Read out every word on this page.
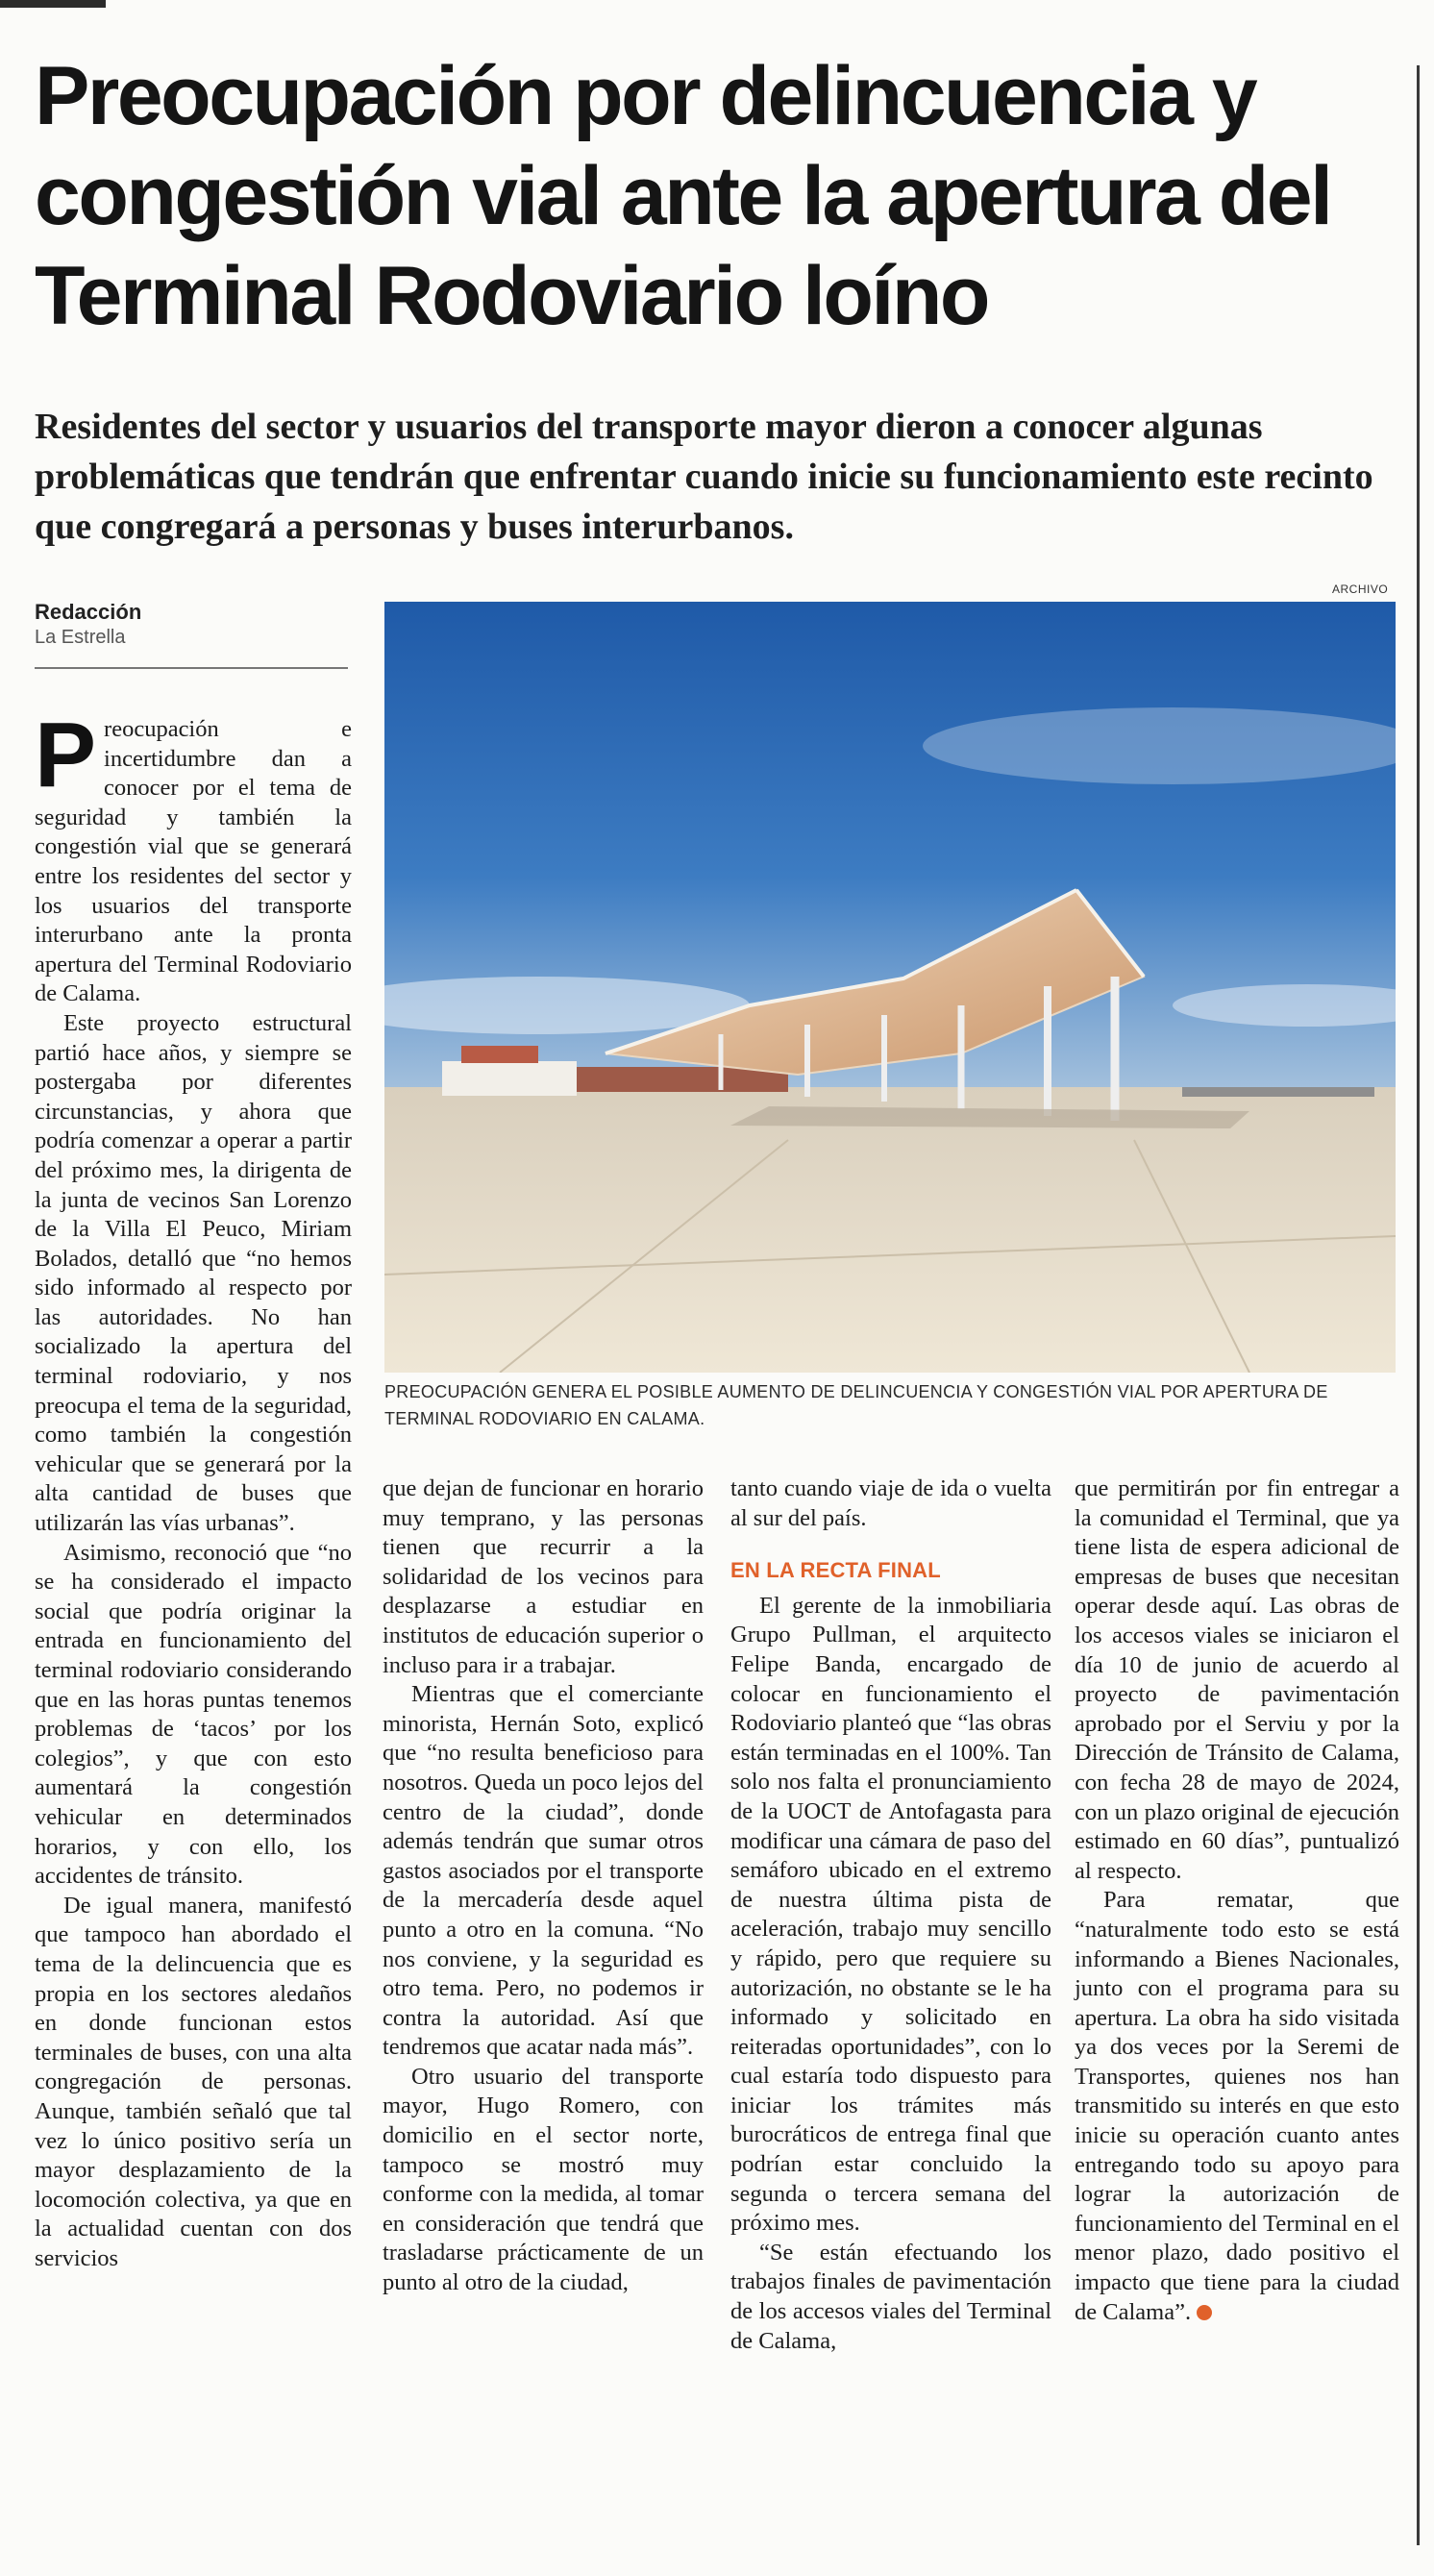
Preocupación por delincuencia y congestión vial ante la apertura del Terminal Rodoviario loíno

Residentes del sector y usuarios del transporte mayor dieron a conocer algunas problemáticas que tendrán que enfrentar cuando inicie su funcionamiento este recinto que congregará a personas y buses interurbanos.

Redacción
La Estrella
ARCHIVO

PREOCUPACIÓN GENERA EL POSIBLE AUMENTO DE DELINCUENCIA Y CONGESTIÓN VIAL POR APERTURA DE TERMINAL RODOVIARIO EN CALAMA.

Preocupación e incertidumbre dan a conocer por el tema de seguridad y también la congestión vial que se generará entre los residentes del sector y los usuarios del transporte interurbano ante la pronta apertura del Terminal Rodoviario de Calama.

Este proyecto estructural partió hace años, y siempre se postergaba por diferentes circunstancias, y ahora que podría comenzar a operar a partir del próximo mes, la dirigenta de la junta de vecinos San Lorenzo de la Villa El Peuco, Miriam Bolados, detalló que “no hemos sido informado al respecto por las autoridades. No han socializado la apertura del terminal rodoviario, y nos preocupa el tema de la seguridad, como también la congestión vehicular que se generará por la alta cantidad de buses que utilizarán las vías urbanas”.

Asimismo, reconoció que “no se ha considerado el impacto social que podría originar la entrada en funcionamiento del terminal rodoviario considerando que en las horas puntas tenemos problemas de ‘tacos’ por los colegios”, y que con esto aumentará la congestión vehicular en determinados horarios, y con ello, los accidentes de tránsito.

De igual manera, manifestó que tampoco han abordado el tema de la delincuencia que es propia en los sectores aledaños en donde funcionan estos terminales de buses, con una alta congregación de personas. Aunque, también señaló que tal vez lo único positivo sería un mayor desplazamiento de la locomoción colectiva, ya que en la actualidad cuentan con dos servicios

que dejan de funcionar en horario muy temprano, y las personas tienen que recurrir a la solidaridad de los vecinos para desplazarse a estudiar en institutos de educación superior o incluso para ir a trabajar.

Mientras que el comerciante minorista, Hernán Soto, explicó que “no resulta beneficioso para nosotros. Queda un poco lejos del centro de la ciudad”, donde además tendrán que sumar otros gastos asociados por el transporte de la mercadería desde aquel punto a otro en la comuna. “No nos conviene, y la seguridad es otro tema. Pero, no podemos ir contra la autoridad. Así que tendremos que acatar nada más”.

Otro usuario del transporte mayor, Hugo Romero, con domicilio en el sector norte, tampoco se mostró muy conforme con la medida, al tomar en consideración que tendrá que trasladarse prácticamente de un punto al otro de la ciudad,

tanto cuando viaje de ida o vuelta al sur del país.

EN LA RECTA FINAL

El gerente de la inmobiliaria Grupo Pullman, el arquitecto Felipe Banda, encargado de colocar en funcionamiento el Rodoviario planteó que “las obras están terminadas en el 100%. Tan solo nos falta el pronunciamiento de la UOCT de Antofagasta para modificar una cámara de paso del semáforo ubicado en el extremo de nuestra última pista de aceleración, trabajo muy sencillo y rápido, pero que requiere su autorización, no obstante se le ha informado y solicitado en reiteradas oportunidades”, con lo cual estaría todo dispuesto para iniciar los trámites más burocráticos de entrega final que podrían estar concluido la segunda o tercera semana del próximo mes.

“Se están efectuando los trabajos finales de pavimentación de los accesos viales del Terminal de Calama,

que permitirán por fin entregar a la comunidad el Terminal, que ya tiene lista de espera adicional de empresas de buses que necesitan operar desde aquí. Las obras de los accesos viales se iniciaron el día 10 de junio de acuerdo al proyecto de pavimentación aprobado por el Serviu y por la Dirección de Tránsito de Calama, con fecha 28 de mayo de 2024, con un plazo original de ejecución estimado en 60 días”, puntualizó al respecto.

Para rematar, que “naturalmente todo esto se está informando a Bienes Nacionales, junto con el programa para su apertura. La obra ha sido visitada ya dos veces por la Seremi de Transportes, quienes nos han transmitido su interés en que esto inicie su operación cuanto antes entregando todo su apoyo para lograr la autorización de funcionamiento del Terminal en el menor plazo, dado positivo el impacto que tiene para la ciudad de Calama”.
